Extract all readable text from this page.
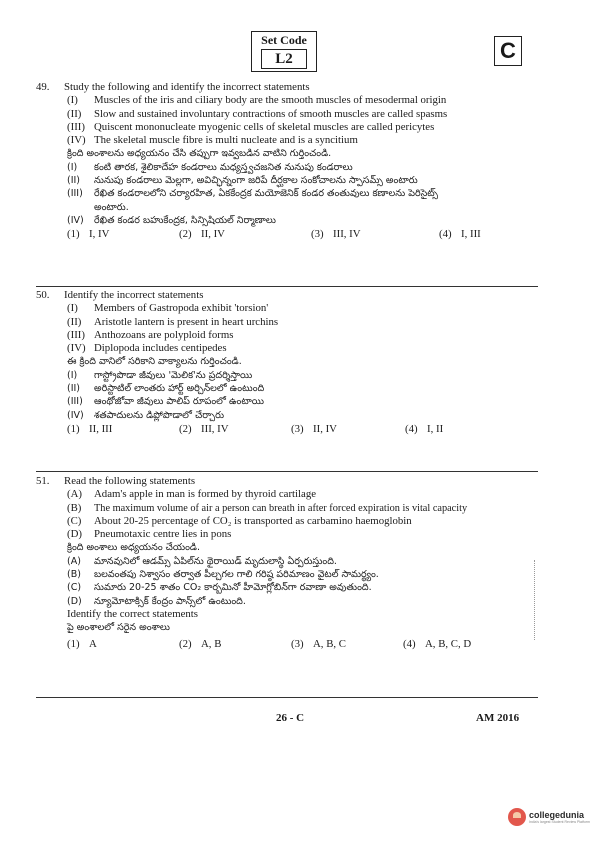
Set Code
L2	C
49.	Study the following and identify the incorrect statements
(I)	Muscles of the iris and ciliary body are the smooth muscles of mesodermal origin
(II)	Slow and sustained involuntary contractions of smooth muscles are called spasms
(III) Quiscent mononucleate myogenic cells of skeletal muscles are called pericytes
(IV) The skeletal muscle fibre is multi nucleate and is a syncitium
క్రింది అంశాలను అధ్యయనం చేసి తప్పుగా ఇవ్వబడిన వాటిని గుర్తించండి.
(I)	కంటి తారక, శైలికాదేహ కండరాలు మధ్యస్త్వచజనిత నునుపు కండరాలు
(II)	నునుపు కండరాలు మెల్లగా, అవిచ్ఛిన్నంగా జరిపే దీర్ఘకాల సంకోచాలను స్పాసమ్స్ అంటారు
(III)	రేఖిత కండరాలలోని చర్యారహిత, ఏకకేంద్రక మయోజెనిక్ కండర తంతువులు కణాలను పెరిసైట్స్
అంటారు.
(IV)	రేఖిత కండర బహుకేంద్రక, సిన్సిషియల్ నిర్మాణాలు
(1) I, IV	(2) II, IV	(3) III, IV	(4) I, III
50.	Identify the incorrect statements
(I)	Members of Gastropoda exhibit 'torsion'
(II)	Aristotle lantern is present in heart urchins
(III) Anthozoans are polyploid forms
(IV) Diplopoda includes centipedes
ఈ క్రింది వానిలో సరికాని వాక్యాలను గుర్తించండి.
(I)	గాస్ట్రోపొడా జీవులు 'మెలిక'ను ప్రదర్శిస్తాయి
(II)	అరిస్టాటిల్ లాంతరు హార్ట్ అర్చిన్‌లలో ఉంటుంది
(III)	ఆంథోజోవా జీవులు పాలిప్ రూపంలో ఉంటాయి
(IV)	శతపాదులను డిప్లోపొడాలో చేర్చారు
(1) II, III	(2) III, IV	(3) II, IV	(4) I, II
51.	Read the following statements
(A)	Adam's apple in man is formed by thyroid cartilage
(B)	The maximum volume of air a person can breath in after forced expiration is vital capacity
(C)	About 20-25 percentage of CO₂ is transported as carbamino haemoglobin
(D)	Pneumotaxic centre lies in pons
క్రింది అంశాలు అధ్యయనం చేయండి.
(A)	మానవునిలో ఆడమ్స్ ఏపిల్‌ను థైరాయిడ్ మృదులాస్థి ఏర్పరుస్తుంది.
(B)	బలవంతపు నిశ్వాసం తర్వాత పీల్చగల గాలి గరిష్ఠ పరిమాణం వైటల్ సామర్థ్యం.
(C)	సుమారు 20-25 శాతం CO₂ కార్బమినో హీమోగ్లోబిన్‌గా రవాణా అవుతుంది.
(D)	న్యూమోటాక్సిక్ కేంద్రం పాన్స్‌లో ఉంటుంది.
Identify the correct statements
పై అంశాలలో సరైన అంశాలు
(1) A	(2) A, B	(3) A, B, C	(4) A, B, C, D
26 - C	AM 2016
collegedunia
India's largest Student Review Platform
